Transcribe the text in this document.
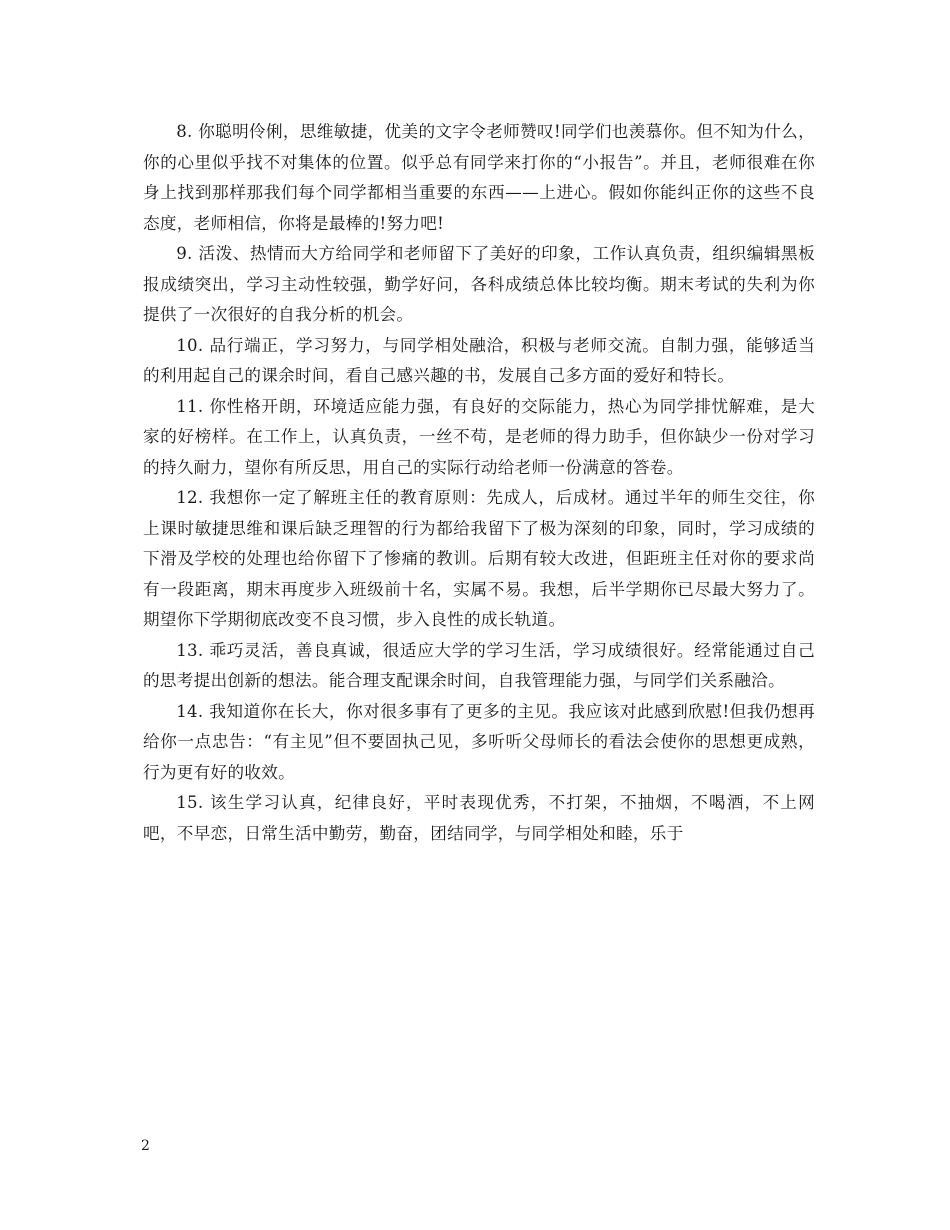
8. 你聪明伶俐，思维敏捷，优美的文字令老师赞叹!同学们也羡慕你。但不知为什么，你的心里似乎找不对集体的位置。似乎总有同学来打你的“小报告”。并且，老师很难在你身上找到那样那我们每个同学都相当重要的东西——上进心。假如你能纠正你的这些不良态度，老师相信，你将是最棒的!努力吧!

9. 活泼、热情而大方给同学和老师留下了美好的印象，工作认真负责，组织编辑黑板报成绩突出，学习主动性较强，勤学好问，各科成绩总体比较均衡。期末考试的失利为你提供了一次很好的自我分析的机会。

10. 品行端正，学习努力，与同学相处融洽，积极与老师交流。自制力强，能够适当的利用起自己的课余时间，看自己感兴趣的书，发展自己多方面的爱好和特长。

11. 你性格开朗，环境适应能力强，有良好的交际能力，热心为同学排忧解难，是大家的好榜样。在工作上，认真负责，一丝不苟，是老师的得力助手，但你缺少一份对学习的持久耐力，望你有所反思，用自己的实际行动给老师一份满意的答卷。

12. 我想你一定了解班主任的教育原则：先成人，后成材。通过半年的师生交往，你上课时敏捷思维和课后缺乏理智的行为都给我留下了极为深刻的印象，同时，学习成绩的下滑及学校的处理也给你留下了惨痛的教训。后期有较大改进，但距班主任对你的要求尚有一段距离，期末再度步入班级前十名，实属不易。我想，后半学期你已尽最大努力了。期望你下学期彻底改变不良习惯，步入良性的成长轨道。

13. 乖巧灵活，善良真诚，很适应大学的学习生活，学习成绩很好。经常能通过自己的思考提出创新的想法。能合理支配课余时间，自我管理能力强，与同学们关系融洽。

14. 我知道你在长大，你对很多事有了更多的主见。我应该对此感到欣慰!但我仍想再给你一点忠告：“有主见”但不要固执己见，多听听父母师长的看法会使你的思想更成熟，行为更有好的收效。

15. 该生学习认真，纪律良好，平时表现优秀，不打架，不抽烟，不喝酒，不上网吧，不早恋，日常生活中勤劳，勤奋，团结同学，与同学相处和睦，乐于

2
